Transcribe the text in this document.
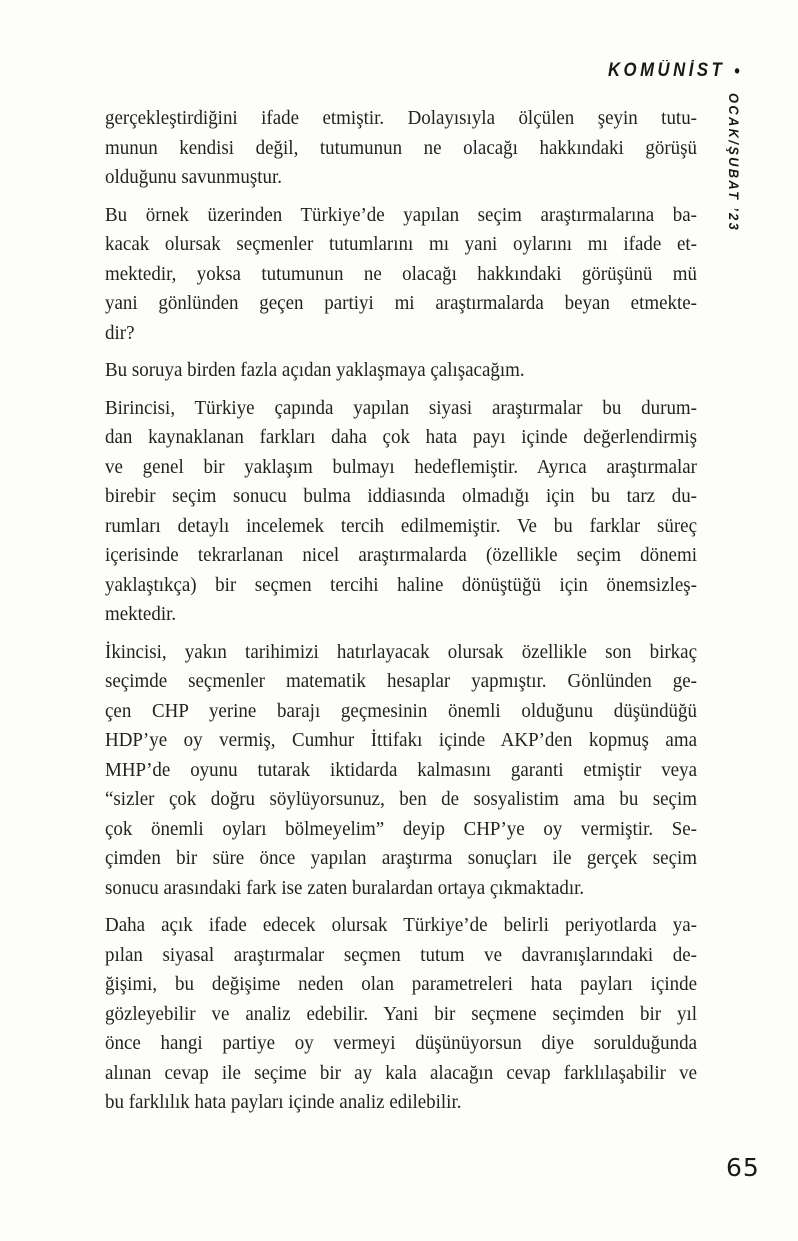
KOMÜNİST •
OCAK/ŞUBAT ’23

gerçekleştirdiğini ifade etmiştir. Dolayısıyla ölçülen şeyin tutu-
munun kendisi değil, tutumunun ne olacağı hakkındaki görüşü
olduğunu savunmuştur.

Bu örnek üzerinden Türkiye’de yapılan seçim araştırmalarına ba-
kacak olursak seçmenler tutumlarını mı yani oylarını mı ifade et-
mektedir, yoksa tutumunun ne olacağı hakkındaki görüşünü mü
yani gönlünden geçen partiyi mi araştırmalarda beyan etmekte-
dir?

Bu soruya birden fazla açıdan yaklaşmaya çalışacağım.

Birincisi, Türkiye çapında yapılan siyasi araştırmalar bu durum-
dan kaynaklanan farkları daha çok hata payı içinde değerlendirmiş
ve genel bir yaklaşım bulmayı hedeflemiştir. Ayrıca araştırmalar
birebir seçim sonucu bulma iddiasında olmadığı için bu tarz du-
rumları detaylı incelemek tercih edilmemiştir. Ve bu farklar süreç
içerisinde tekrarlanan nicel araştırmalarda (özellikle seçim dönemi
yaklaştıkça) bir seçmen tercihi haline dönüştüğü için önemsizleş-
mektedir.

İkincisi, yakın tarihimizi hatırlayacak olursak özellikle son birkaç
seçimde seçmenler matematik hesaplar yapmıştır. Gönlünden ge-
çen CHP yerine barajı geçmesinin önemli olduğunu düşündüğü
HDP’ye oy vermiş, Cumhur İttifakı içinde AKP’den kopmuş ama
MHP’de oyunu tutarak iktidarda kalmasını garanti etmiştir veya
“sizler çok doğru söylüyorsunuz, ben de sosyalistim ama bu seçim
çok önemli oyları bölmeyelim” deyip CHP’ye oy vermiştir. Se-
çimden bir süre önce yapılan araştırma sonuçları ile gerçek seçim
sonucu arasındaki fark ise zaten buralardan ortaya çıkmaktadır.

Daha açık ifade edecek olursak Türkiye’de belirli periyotlarda ya-
pılan siyasal araştırmalar seçmen tutum ve davranışlarındaki de-
ğişimi, bu değişime neden olan parametreleri hata payları içinde
gözleyebilir ve analiz edebilir. Yani bir seçmene seçimden bir yıl
önce hangi partiye oy vermeyi düşünüyorsun diye sorulduğunda
alınan cevap ile seçime bir ay kala alacağın cevap farklılaşabilir ve
bu farklılık hata payları içinde analiz edilebilir.

65
